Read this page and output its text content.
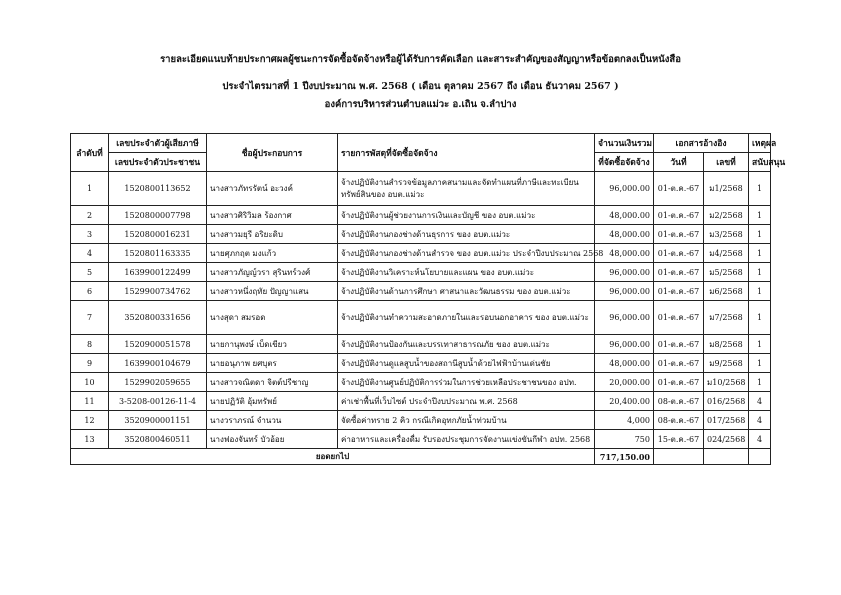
รายละเอียดแนบท้ายประกาศผลผู้ชนะการจัดซื้อจัดจ้างหรือผู้ได้รับการคัดเลือก และสาระสำคัญของสัญญาหรือข้อตกลงเป็นหนังสือ
ประจำไตรมาสที่ 1 ปีงบประมาณ พ.ศ. 2568 ( เดือน ตุลาคม 2567 ถึง เดือน ธันวาคม 2567 )
องค์การบริหารส่วนตำบลแม่วะ อ.เถิน จ.ลำปาง
ลำดับที่	เลขประจำตัวผู้เสียภาษี	ชื่อผู้ประกอบการ	รายการพัสดุที่จัดซื้อจัดจ้าง	จำนวนเงินรวม	เอกสารอ้างอิง		เหตุผล
	เลขประจำตัวประชาชน			ที่จัดซื้อจัดจ้าง	วันที่	เลขที่	สนับสนุน
1	1520800113652	นางสาวภัทรรัตน์ อะวงค์	จ้างปฏิบัติงานสำรวจข้อมูลภาคสนามและจัดทำแผนที่ภาษีและทะเบียนทรัพย์สินของ อบต.แม่วะ	96,000.00	01-ต.ค.-67	ม1/2568	1
2	1520800007798	นางสาวศิริวิมล ร้องกาศ	จ้างปฏิบัติงานผู้ช่วยงานการเงินและบัญชี ของ อบต.แม่วะ	48,000.00	01-ต.ค.-67	ม2/2568	1
3	1520800016231	นางสาวมยุรี อริยะดิบ	จ้างปฏิบัติงานกองช่างด้านธุรการ ของ อบต.แม่วะ	48,000.00	01-ต.ค.-67	ม3/2568	1
4	1520801163335	นายศุภกฤต มงแก้ว	จ้างปฏิบัติงานกองช่างด้านสำรวจ ของ อบต.แม่วะ ประจำปีงบประมาณ 2568	48,000.00	01-ต.ค.-67	ม4/2568	1
5	1639900122499	นางสาวภัญญ์วรา สุรินทร์วงศ์	จ้างปฏิบัติงานวิเคราะห์นโยบายและแผน ของ อบต.แม่วะ	96,000.00	01-ต.ค.-67	ม5/2568	1
6	1529900734762	นางสาวหนึ่งฤทัย ปัญญาแสน	จ้างปฏิบัติงานด้านการศึกษา ศาสนาและวัฒนธรรม ของ อบต.แม่วะ	96,000.00	01-ต.ค.-67	ม6/2568	1
7	3520800331656	นางสุดา สมรอด	จ้างปฏิบัติงานทำความสะอาดภายในและรอบนอกอาคาร ของ อบต.แม่วะ	96,000.00	01-ต.ค.-67	ม7/2568	1
8	1520900051578	นายกานุพงษ์ เบ็ดเขียว	จ้างปฏิบัติงานป้องกันและบรรเทาสาธารณภัย ของ อบต.แม่วะ	96,000.00	01-ต.ค.-67	ม8/2568	1
9	1639900104679	นายอนุภาพ ยศบุตร	จ้างปฏิบัติงานดูแลสูบน้ำของสถานีสูบน้ำด้วยไฟฟ้าบ้านเด่นชัย	48,000.00	01-ต.ค.-67	ม9/2568	1
10	1529902059655	นางสาวจณิตดา จิตต์ปรีชาญ	จ้างปฏิบัติงานศูนย์ปฏิบัติการร่วมในการช่วยเหลือประชาชนของ อปท.	20,000.00	01-ต.ค.-67	ม10/2568	1
11	3-5208-00126-11-4	นายปฏิวัติ อุ้มทรัพย์	ค่าเช่าพื้นที่เว็บไซต์ ประจำปีงบประมาณ พ.ศ. 2568	20,400.00	08-ต.ค.-67	016/2568	4
12	3520900001151	นางวราภรณ์ จำนวน	จัดซื้อค่าทราย 2 คิว กรณีเกิดอุทกภัยน้ำท่วมบ้าน	4,000	08-ต.ค.-67	017/2568	4
13	3520800460511	นางฟองจันทร์ บัวอ้อย	ค่าอาหารและเครื่องดื่ม รับรองประชุมการจัดงานแข่งขันกีฬา อปท. 2568	750	15-ต.ค.-67	024/2568	4
ยอดยกไป				717,150.00			
